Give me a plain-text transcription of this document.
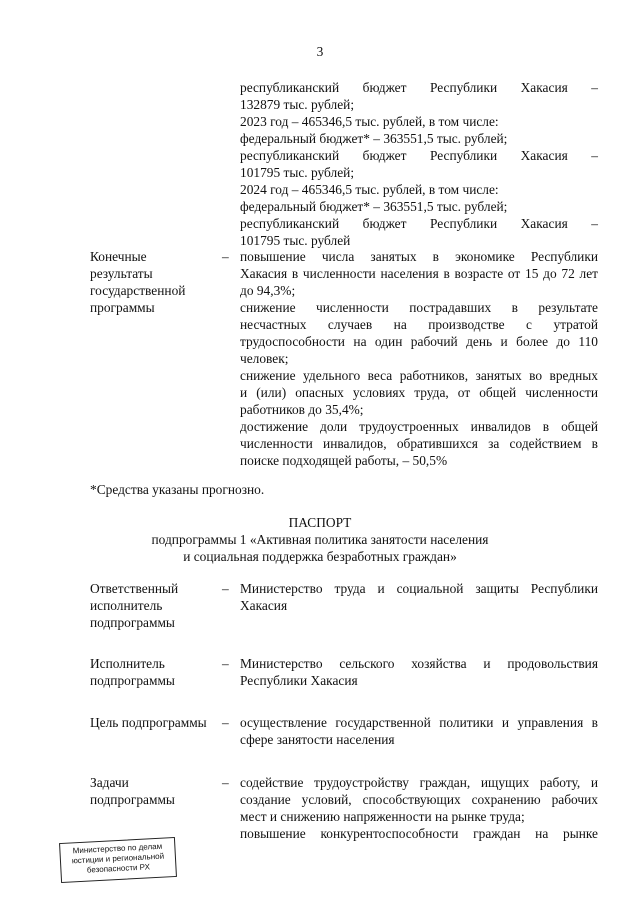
3
республиканский бюджет Республики Хакасия –
132879 тыс. рублей;
2023 год – 465346,5 тыс. рублей, в том числе:
федеральный бюджет* – 363551,5 тыс. рублей;
республиканский бюджет Республики Хакасия –
101795 тыс. рублей;
2024 год – 465346,5 тыс. рублей, в том числе:
федеральный бюджет* – 363551,5 тыс. рублей;
республиканский бюджет Республики Хакасия –
101795 тыс. рублей
Конечные
результаты
государственной
программы
– повышение числа занятых в экономике Республики
Хакасия в численности населения в возрасте от 15 до 72 лет
до 94,3%;
снижение численности пострадавших в результате
несчастных случаев на производстве с утратой
трудоспособности на один рабочий день и более до 110
человек;
снижение удельного веса работников, занятых во вредных
и (или) опасных условиях труда, от общей численности
работников до 35,4%;
достижение доли трудоустроенных инвалидов в общей
численности инвалидов, обратившихся за содействием в
поиске подходящей работы, – 50,5%
*Средства указаны прогнозно.
ПАСПОРТ
подпрограммы 1 «Активная политика занятости населения
и социальная поддержка безработных граждан»
Ответственный
исполнитель
подпрограммы
– Министерство труда и социальной защиты Республики
Хакасия
Исполнитель
подпрограммы
– Министерство сельского хозяйства и продовольствия
Республики Хакасия
Цель подпрограммы	– осуществление государственной политики и управления в
сфере занятости населения
Задачи
подпрограммы
– содействие трудоустройству граждан, ищущих работу, и
создание условий, способствующих сохранению рабочих
мест и снижению напряженности на рынке труда;
повышение конкурентоспособности граждан на рынке
Министерство по делам
юстиции и региональной
безопасности РХ
